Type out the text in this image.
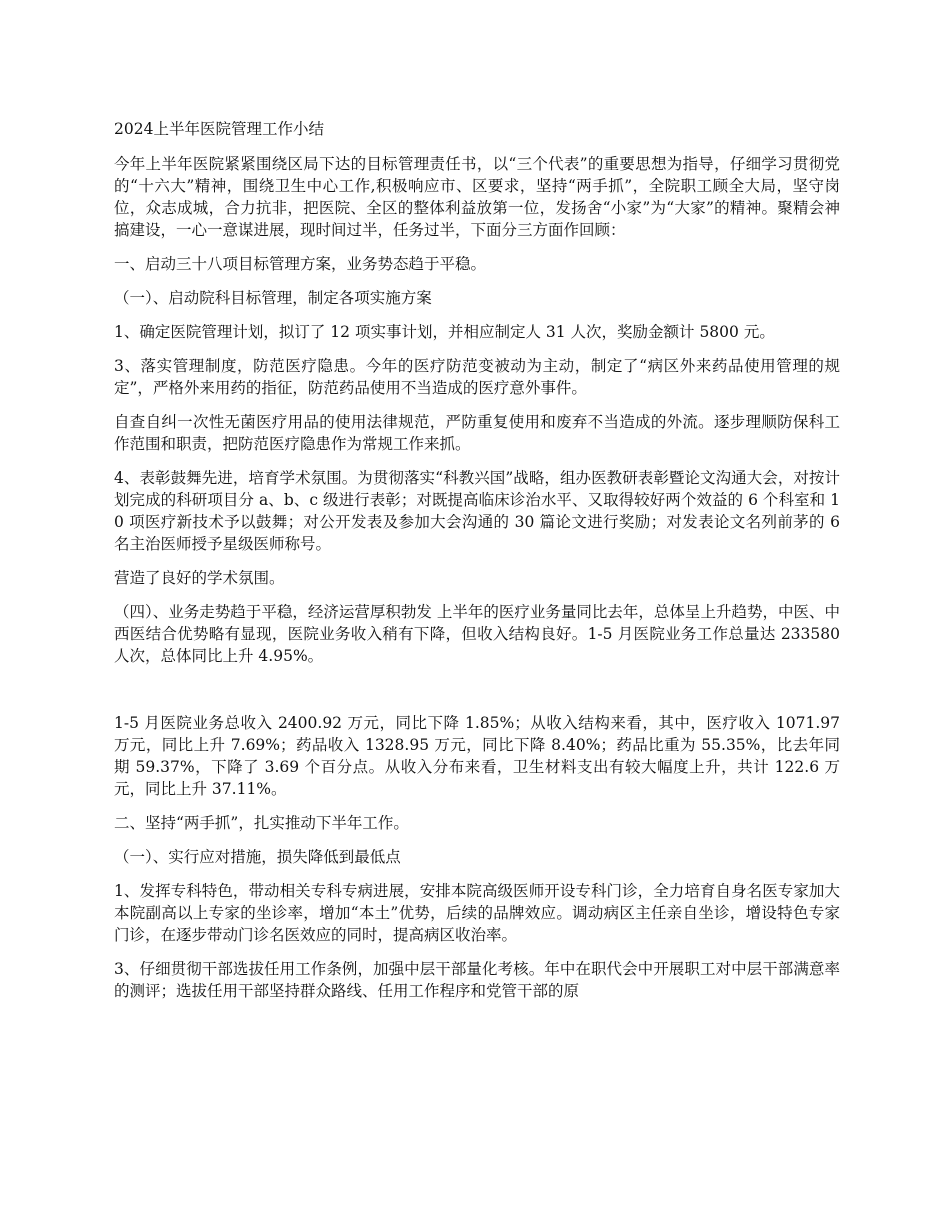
2024上半年医院管理工作小结

今年上半年医院紧紧围绕区局下达的目标管理责任书，以“三个代表”的重要思想为指导，仔细学习贯彻党的“十六大”精神，围绕卫生中心工作,积极响应市、区要求，坚持“两手抓”，全院职工顾全大局，坚守岗位，众志成城，合力抗非，把医院、全区的整体利益放第一位，发扬舍“小家”为“大家”的精神。聚精会神搞建设，一心一意谋进展，现时间过半，任务过半，下面分三方面作回顾：

一、启动三十八项目标管理方案，业务势态趋于平稳。

（一）、启动院科目标管理，制定各项实施方案

1、确定医院管理计划，拟订了 12 项实事计划，并相应制定人 31 人次，奖励金额计 5800 元。

3、落实管理制度，防范医疗隐患。今年的医疗防范变被动为主动，制定了“病区外来药品使用管理的规定”，严格外来用药的指征，防范药品使用不当造成的医疗意外事件。

自查自纠一次性无菌医疗用品的使用法律规范，严防重复使用和废弃不当造成的外流。逐步理顺防保科工作范围和职责，把防范医疗隐患作为常规工作来抓。

4、表彰鼓舞先进，培育学术氛围。为贯彻落实“科教兴国”战略，组办医教研表彰暨论文沟通大会，对按计划完成的科研项目分 a、b、c 级进行表彰；对既提高临床诊治水平、又取得较好两个效益的 6 个科室和 10 项医疗新技术予以鼓舞；对公开发表及参加大会沟通的 30 篇论文进行奖励；对发表论文名列前茅的 6 名主治医师授予星级医师称号。

营造了良好的学术氛围。

（四）、业务走势趋于平稳，经济运营厚积勃发 上半年的医疗业务量同比去年，总体呈上升趋势，中医、中西医结合优势略有显现，医院业务收入稍有下降，但收入结构良好。1-5 月医院业务工作总量达 233580 人次，总体同比上升 4.95%。

1-5 月医院业务总收入 2400.92 万元，同比下降 1.85%；从收入结构来看，其中，医疗收入 1071.97 万元，同比上升 7.69%；药品收入 1328.95 万元，同比下降 8.40%；药品比重为 55.35%，比去年同期 59.37%，下降了 3.69 个百分点。从收入分布来看，卫生材料支出有较大幅度上升，共计 122.6 万元，同比上升 37.11%。

二、坚持“两手抓”，扎实推动下半年工作。

（一）、实行应对措施，损失降低到最低点

1、发挥专科特色，带动相关专科专病进展，安排本院高级医师开设专科门诊，全力培育自身名医专家加大本院副高以上专家的坐诊率，增加“本土”优势，后续的品牌效应。调动病区主任亲自坐诊，增设特色专家门诊，在逐步带动门诊名医效应的同时，提高病区收治率。

3、仔细贯彻干部选拔任用工作条例，加强中层干部量化考核。年中在职代会中开展职工对中层干部满意率的测评；选拔任用干部坚持群众路线、任用工作程序和党管干部的原
